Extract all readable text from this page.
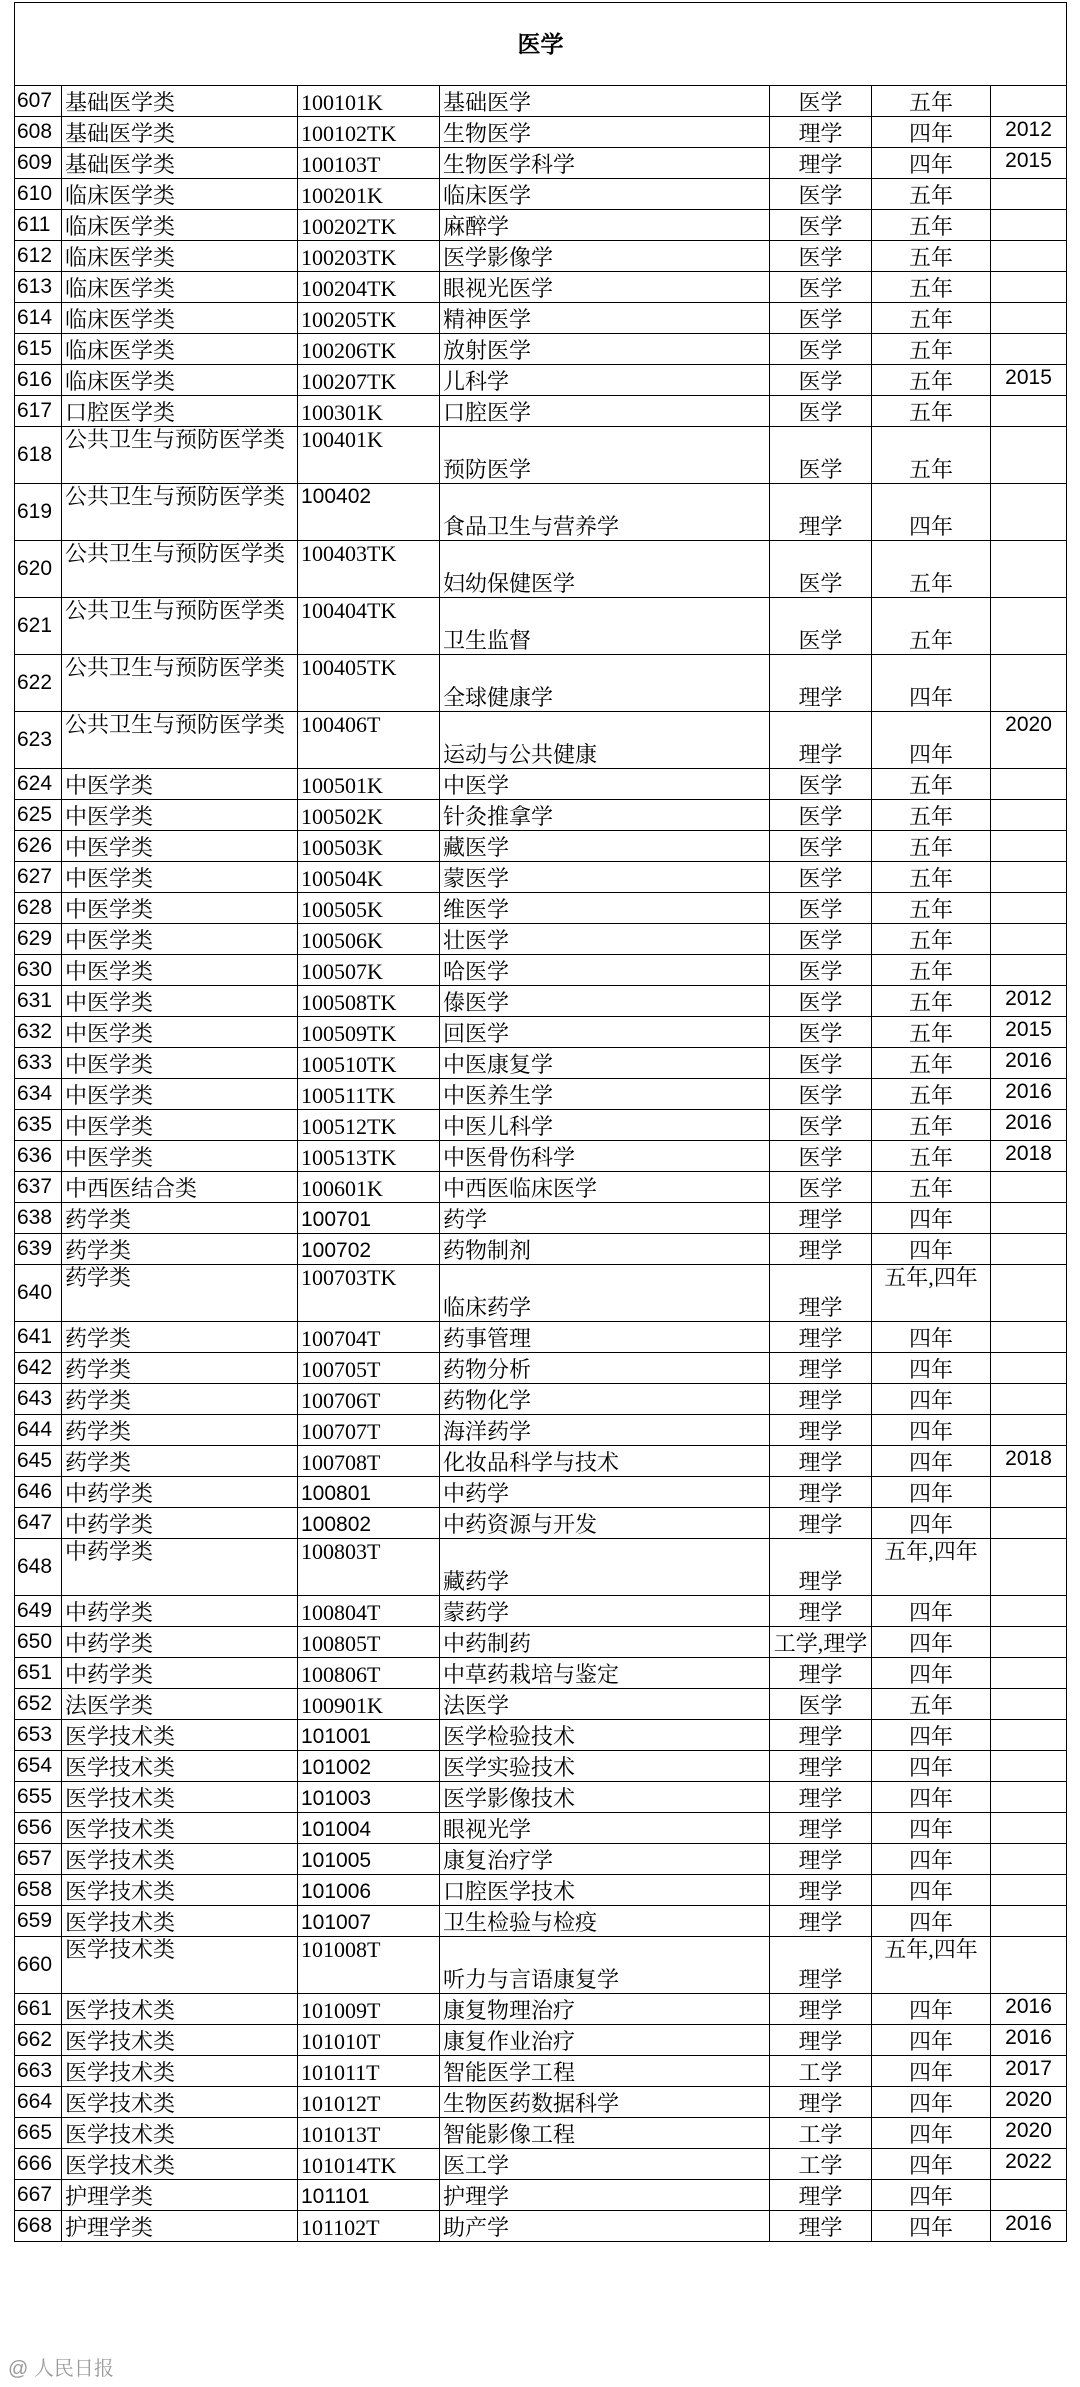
医学						
607	基础医学类	100101K	基础医学	医学	五年	
608	基础医学类	100102TK	生物医学	理学	四年	2012
609	基础医学类	100103T	生物医学科学	理学	四年	2015
610	临床医学类	100201K	临床医学	医学	五年	
611	临床医学类	100202TK	麻醉学	医学	五年	
612	临床医学类	100203TK	医学影像学	医学	五年	
613	临床医学类	100204TK	眼视光医学	医学	五年	
614	临床医学类	100205TK	精神医学	医学	五年	
615	临床医学类	100206TK	放射医学	医学	五年	
616	临床医学类	100207TK	儿科学	医学	五年	2015
617	口腔医学类	100301K	口腔医学	医学	五年	
618	公共卫生与预防医学类	100401K	预防医学	医学	五年	
619	公共卫生与预防医学类	100402	食品卫生与营养学	理学	四年	
620	公共卫生与预防医学类	100403TK	妇幼保健医学	医学	五年	
621	公共卫生与预防医学类	100404TK	卫生监督	医学	五年	
622	公共卫生与预防医学类	100405TK	全球健康学	理学	四年	
623	公共卫生与预防医学类	100406T	运动与公共健康	理学	四年	2020
624	中医学类	100501K	中医学	医学	五年	
625	中医学类	100502K	针灸推拿学	医学	五年	
626	中医学类	100503K	藏医学	医学	五年	
627	中医学类	100504K	蒙医学	医学	五年	
628	中医学类	100505K	维医学	医学	五年	
629	中医学类	100506K	壮医学	医学	五年	
630	中医学类	100507K	哈医学	医学	五年	
631	中医学类	100508TK	傣医学	医学	五年	2012
632	中医学类	100509TK	回医学	医学	五年	2015
633	中医学类	100510TK	中医康复学	医学	五年	2016
634	中医学类	100511TK	中医养生学	医学	五年	2016
635	中医学类	100512TK	中医儿科学	医学	五年	2016
636	中医学类	100513TK	中医骨伤科学	医学	五年	2018
637	中西医结合类	100601K	中西医临床医学	医学	五年	
638	药学类	100701	药学	理学	四年	
639	药学类	100702	药物制剂	理学	四年	
640	药学类	100703TK	临床药学	理学	五年,四年	
641	药学类	100704T	药事管理	理学	四年	
642	药学类	100705T	药物分析	理学	四年	
643	药学类	100706T	药物化学	理学	四年	
644	药学类	100707T	海洋药学	理学	四年	
645	药学类	100708T	化妆品科学与技术	理学	四年	2018
646	中药学类	100801	中药学	理学	四年	
647	中药学类	100802	中药资源与开发	理学	四年	
648	中药学类	100803T	藏药学	理学	五年,四年	
649	中药学类	100804T	蒙药学	理学	四年	
650	中药学类	100805T	中药制药	工学,理学	四年	
651	中药学类	100806T	中草药栽培与鉴定	理学	四年	
652	法医学类	100901K	法医学	医学	五年	
653	医学技术类	101001	医学检验技术	理学	四年	
654	医学技术类	101002	医学实验技术	理学	四年	
655	医学技术类	101003	医学影像技术	理学	四年	
656	医学技术类	101004	眼视光学	理学	四年	
657	医学技术类	101005	康复治疗学	理学	四年	
658	医学技术类	101006	口腔医学技术	理学	四年	
659	医学技术类	101007	卫生检验与检疫	理学	四年	
660	医学技术类	101008T	听力与言语康复学	理学	五年,四年	
661	医学技术类	101009T	康复物理治疗	理学	四年	2016
662	医学技术类	101010T	康复作业治疗	理学	四年	2016
663	医学技术类	101011T	智能医学工程	工学	四年	2017
664	医学技术类	101012T	生物医药数据科学	理学	四年	2020
665	医学技术类	101013T	智能影像工程	工学	四年	2020
666	医学技术类	101014TK	医工学	工学	四年	2022
667	护理学类	101101	护理学	理学	四年	
668	护理学类	101102T	助产学	理学	四年	2016
@ 人民日报
